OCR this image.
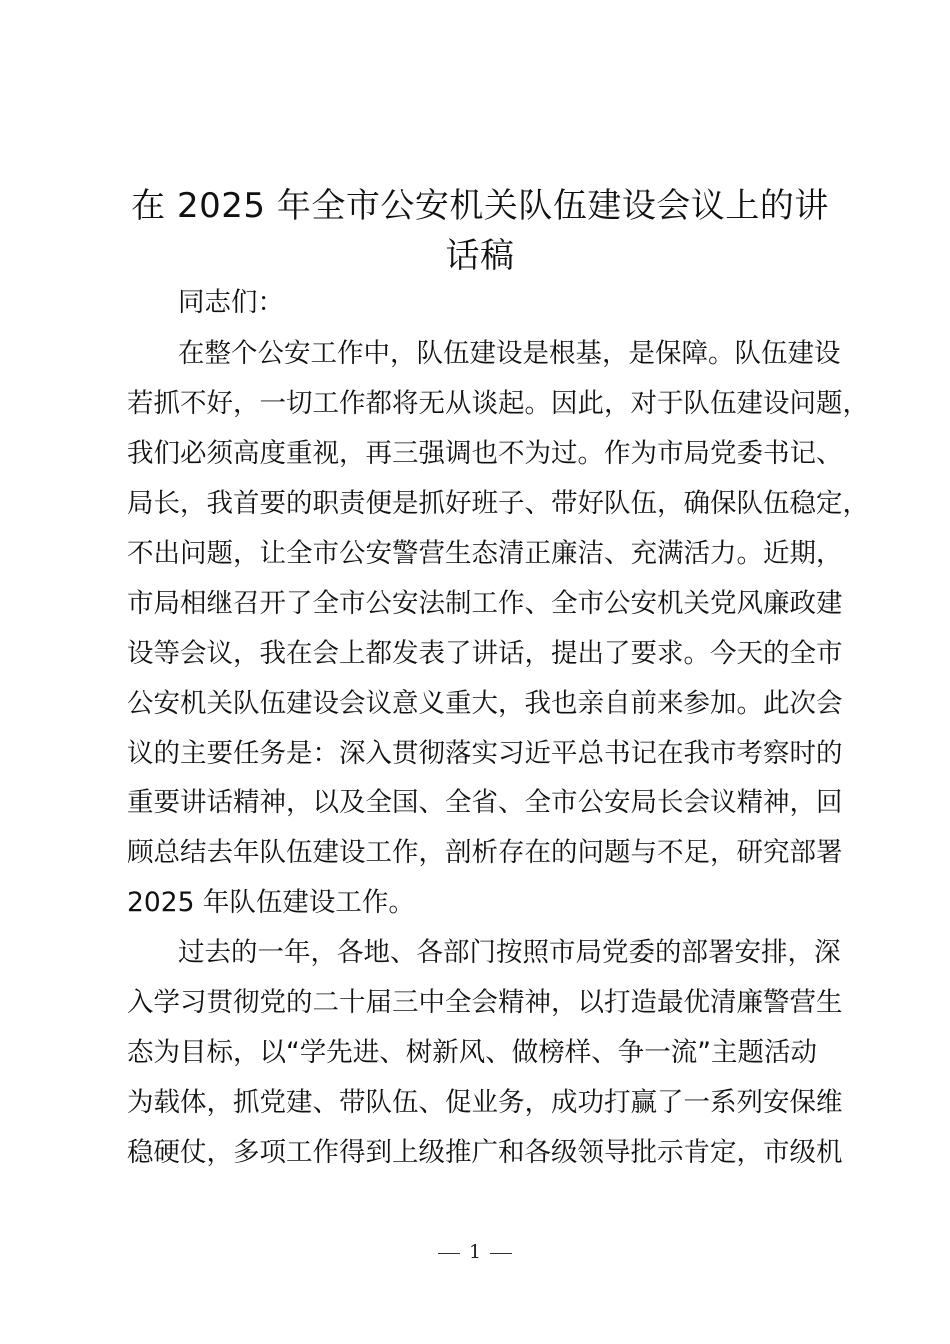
在 2025 年全市公安机关队伍建设会议上的讲
话稿

同志们：

在整个公安工作中，队伍建设是根基，是保障。队伍建设

若抓不好，一切工作都将无从谈起。因此，对于队伍建设问题，

我们必须高度重视，再三强调也不为过。作为市局党委书记、

局长，我首要的职责便是抓好班子、带好队伍，确保队伍稳定，

不出问题，让全市公安警营生态清正廉洁、充满活力。近期，

市局相继召开了全市公安法制工作、全市公安机关党风廉政建

设等会议，我在会上都发表了讲话，提出了要求。今天的全市

公安机关队伍建设会议意义重大，我也亲自前来参加。此次会

议的主要任务是：深入贯彻落实习近平总书记在我市考察时的

重要讲话精神，以及全国、全省、全市公安局长会议精神，回

顾总结去年队伍建设工作，剖析存在的问题与不足，研究部署

2025 年队伍建设工作。

过去的一年，各地、各部门按照市局党委的部署安排，深

入学习贯彻党的二十届三中全会精神，以打造最优清廉警营生

态为目标，以“学先进、树新风、做榜样、争一流”主题活动

为载体，抓党建、带队伍、促业务，成功打赢了一系列安保维

稳硬仗，多项工作得到上级推广和各级领导批示肯定，市级机

1
